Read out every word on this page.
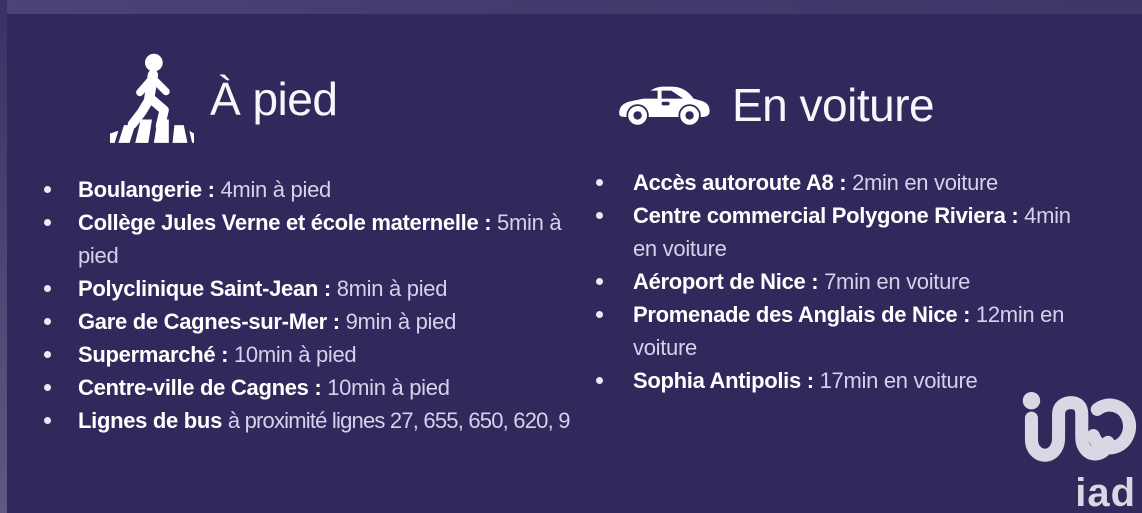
À pied	En voiture
Boulangerie : 4min à pied
Collège Jules Verne et école maternelle : 5min à pied
Polyclinique Saint-Jean : 8min à pied
Gare de Cagnes-sur-Mer : 9min à pied
Supermarché : 10min à pied
Centre-ville de Cagnes : 10min à pied
Lignes de bus à proximité lignes 27, 655, 650, 620, 9
Accès autoroute A8 : 2min en voiture
Centre commercial Polygone Riviera : 4min en voiture
Aéroport de Nice : 7min en voiture
Promenade des Anglais de Nice : 12min en voiture
Sophia Antipolis : 17min en voiture
iad
